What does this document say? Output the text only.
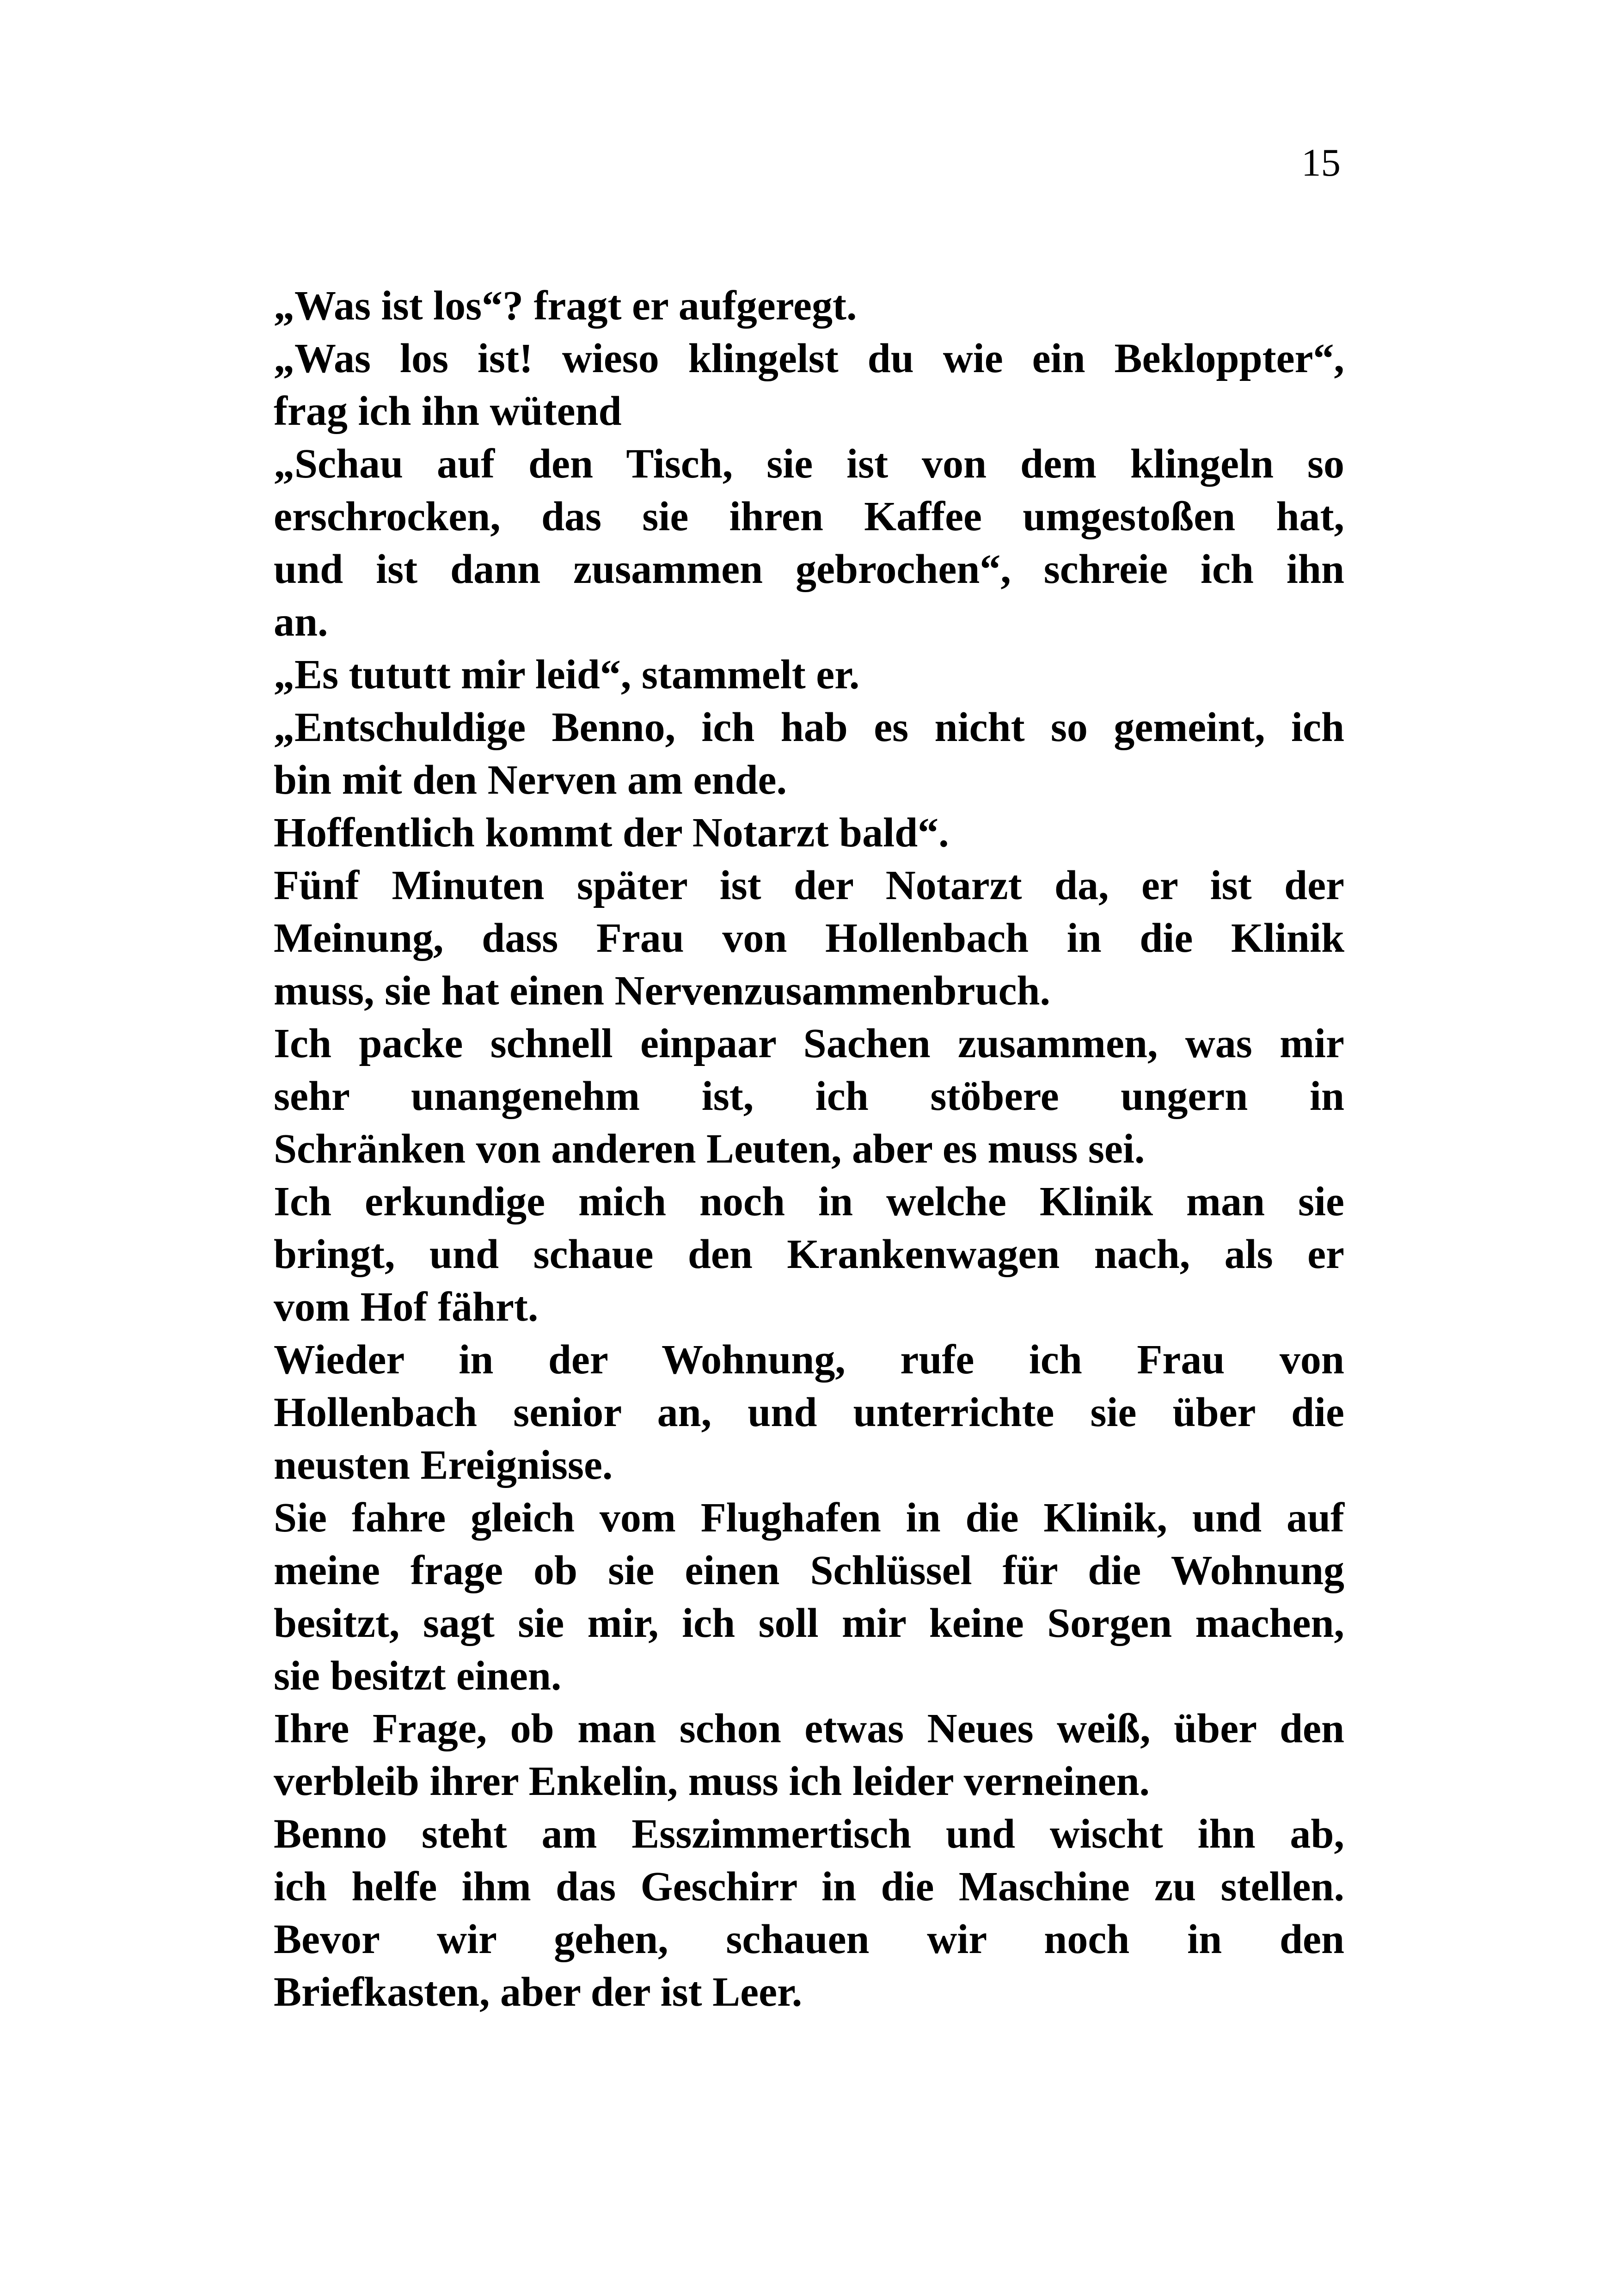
15
„Was ist los“? fragt er aufgeregt.
„Was los ist! wieso klingelst du wie ein Bekloppter“,
frag ich ihn wütend
„Schau auf den Tisch, sie ist von dem klingeln so
erschrocken, das sie ihren Kaffee umgestoßen hat,
und ist dann zusammen gebrochen“, schreie ich ihn
an.
„Es tututt mir leid“, stammelt er.
„Entschuldige Benno, ich hab es nicht so gemeint, ich
bin mit den Nerven am ende.
Hoffentlich kommt der Notarzt bald“.
Fünf Minuten später ist der Notarzt da, er ist der
Meinung, dass Frau von Hollenbach in die Klinik
muss, sie hat einen Nervenzusammenbruch.
Ich packe schnell einpaar Sachen zusammen, was mir
sehr unangenehm ist, ich stöbere ungern in
Schränken von anderen Leuten, aber es muss sei.
Ich erkundige mich noch in welche Klinik man sie
bringt, und schaue den Krankenwagen nach, als er
vom Hof fährt.
Wieder in der Wohnung, rufe ich Frau von
Hollenbach senior an, und unterrichte sie über die
neusten Ereignisse.
Sie fahre gleich vom Flughafen in die Klinik, und auf
meine frage ob sie einen Schlüssel für die Wohnung
besitzt, sagt sie mir, ich soll mir keine Sorgen machen,
sie besitzt einen.
Ihre Frage, ob man schon etwas Neues weiß, über den
verbleib ihrer Enkelin, muss ich leider verneinen.
Benno steht am Esszimmertisch und wischt ihn ab,
ich helfe ihm das Geschirr in die Maschine zu stellen.
Bevor wir gehen, schauen wir noch in den
Briefkasten, aber der ist Leer.
